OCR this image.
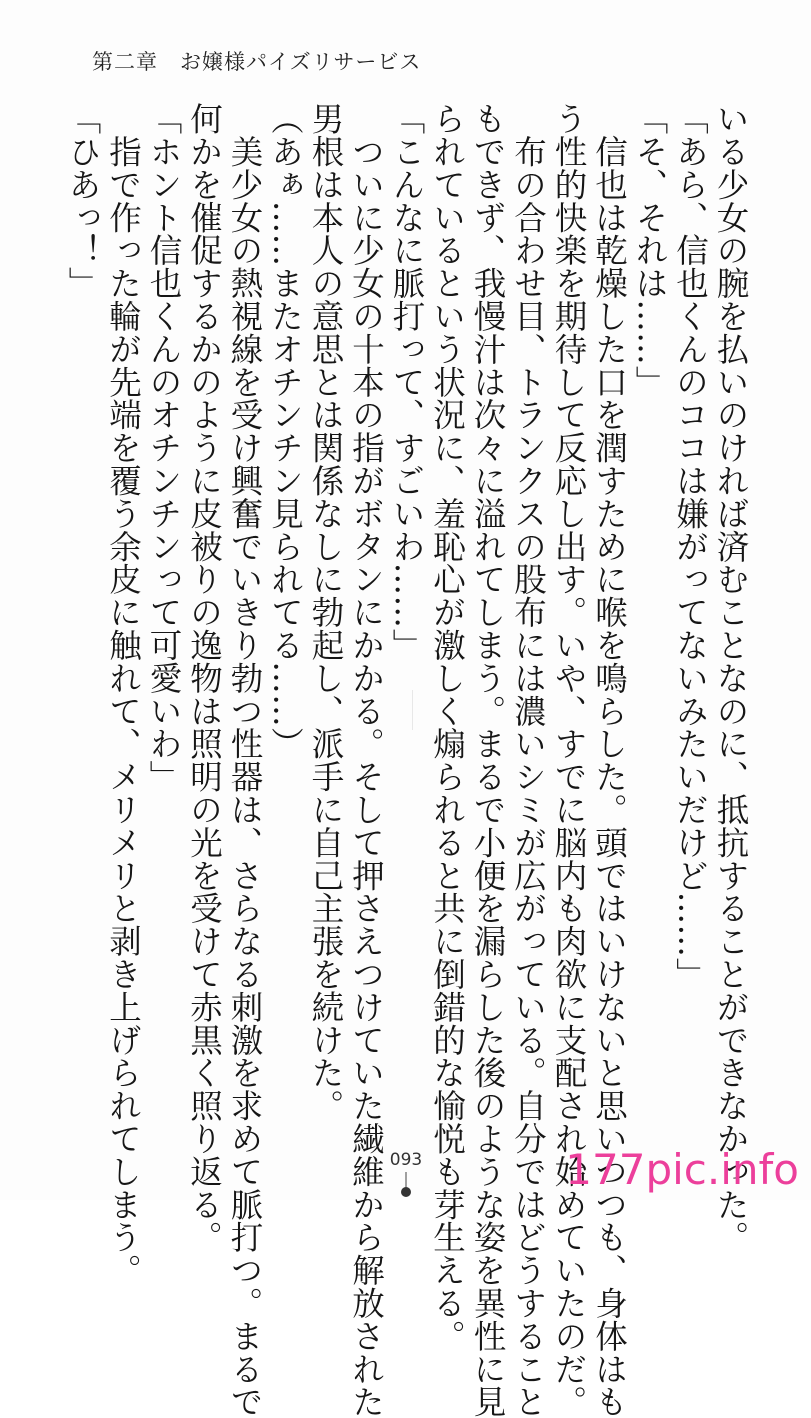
第二章 お嬢様パイズリサービス
いる少女の腕を払いのければ済むことなのに、抵抗することができなかった。
「あら、信也くんのココは嫌がってないみたいだけど……」
「そ、それは……」
　信也は乾燥した口を潤すために喉を鳴らした。頭ではいけないと思いつつも、身体はも
う性的快楽を期待して反応し出す。いや、すでに脳内も肉欲に支配され始めていたのだ。
　布の合わせ目、トランクスの股布には濃いシミが広がっている。自分ではどうすること
もできず、我慢汁は次々に溢れてしまう。まるで小便を漏らした後のような姿を異性に見
られているという状況に、羞恥心が激しく煽られると共に倒錯的な愉悦も芽生える。
「こんなに脈打って、すごいわ……」
　ついに少女の十本の指がボタンにかかる。そして押さえつけていた繊維から解放された
男根は本人の意思とは関係なしに勃起し、派手に自己主張を続けた。
（あぁ……またオチンチン見られてる……）
　美少女の熱視線を受け興奮でいきり勃つ性器は、さらなる刺激を求めて脈打つ。まるで
何かを催促するかのように皮被りの逸物は照明の光を受けて赤黒く照り返る。
「ホント信也くんのオチンチンって可愛いわ」
　指で作った輪が先端を覆う余皮に触れて、メリメリと剥き上げられてしまう。
「ひあっ！」
093	177pic.info
